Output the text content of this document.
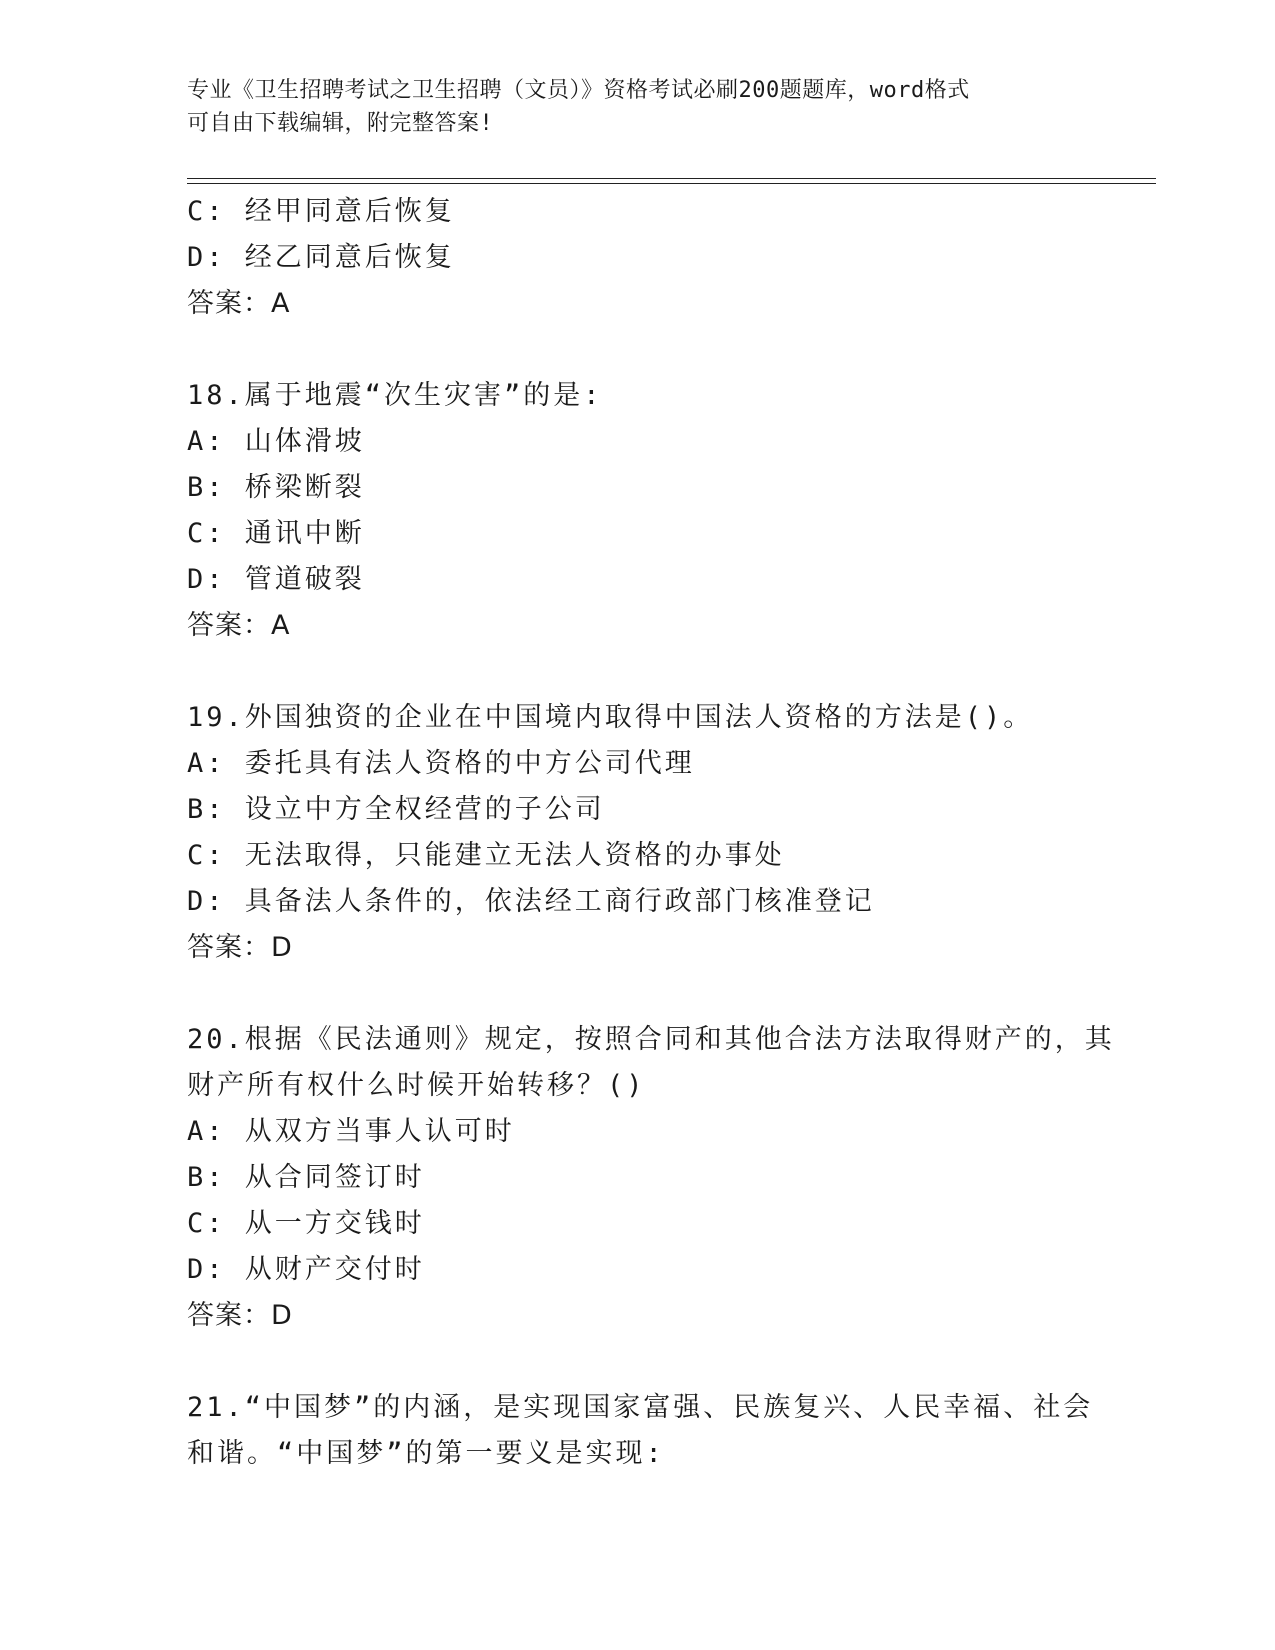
专业《卫生招聘考试之卫生招聘（文员）》资格考试必刷200题题库，word格式
可自由下载编辑，附完整答案!
C: 经甲同意后恢复
D: 经乙同意后恢复
答案：A
18.属于地震“次生灾害”的是:
A: 山体滑坡
B: 桥梁断裂
C: 通讯中断
D: 管道破裂
答案：A
19.外国独资的企业在中国境内取得中国法人资格的方法是()。
A: 委托具有法人资格的中方公司代理
B: 设立中方全权经营的子公司
C: 无法取得，只能建立无法人资格的办事处
D: 具备法人条件的，依法经工商行政部门核准登记
答案：D
20.根据《民法通则》规定，按照合同和其他合法方法取得财产的，其
财产所有权什么时候开始转移？()
A: 从双方当事人认可时
B: 从合同签订时
C: 从一方交钱时
D: 从财产交付时
答案：D
21.“中国梦”的内涵，是实现国家富强、民族复兴、人民幸福、社会
和谐。“中国梦”的第一要义是实现:
